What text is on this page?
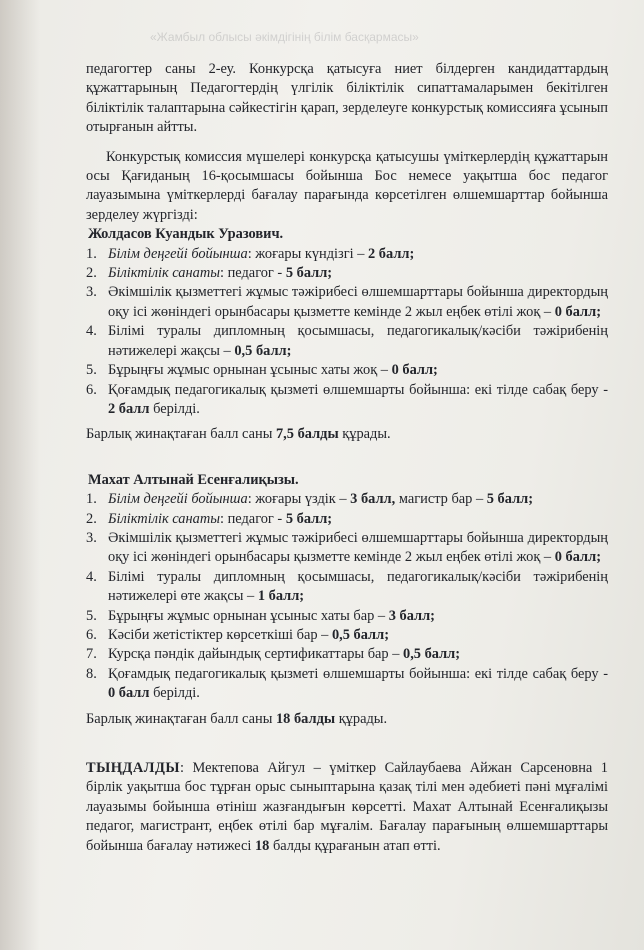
«Жамбыл облысы әкімдігінің білім басқармасы»

педагогтер саны 2-еу. Конкурсқа қатысуға ниет білдерген кандидаттардың құжаттарының Педагогтердің үлгілік біліктілік сипаттамаларымен бекітілген біліктілік талаптарына сәйкестігін қарап, зерделеуге конкурстық комиссияға ұсынып отырғанын айтты.

Конкурстық комиссия мүшелері конкурсқа қатысушы үміткерлердің құжаттарын осы Қағиданың 16-қосымшасы бойынша Бос немесе уақытша бос педагог лауазымына үміткерлерді бағалау парағында көрсетілген өлшемшарттар бойынша зерделеу жүргізді:

Жолдасов Куандык Уразович.
1. Білім деңгейі бойынша: жоғары күндізгі – 2 балл;
2. Біліктілік санаты: педагог - 5 балл;
3. Әкімшілік қызметтегі жұмыс тәжірибесі өлшемшарттары бойынша директордың оқу ісі жөніндегі орынбасары қызметте кемінде 2 жыл еңбек өтілі жоқ – 0 балл;
4. Білімі туралы дипломның қосымшасы, педагогикалық/кәсіби тәжірибенің нәтижелері жақсы – 0,5 балл;
5. Бұрыңғы жұмыс орнынан ұсыныс хаты жоқ – 0 балл;
6. Қоғамдық педагогикалық қызметі өлшемшарты бойынша: екі тілде сабақ беру - 2 балл берілді.

Барлық жинақтаған балл саны 7,5 балды құрады.

Махат Алтынай Есенғалиқызы.
1. Білім деңгейі бойынша: жоғары үздік – 3 балл, магистр бар – 5 балл;
2. Біліктілік санаты: педагог - 5 балл;
3. Әкімшілік қызметтегі жұмыс тәжірибесі өлшемшарттары бойынша директордың оқу ісі жөніндегі орынбасары қызметте кемінде 2 жыл еңбек өтілі жоқ – 0 балл;
4. Білімі туралы дипломның қосымшасы, педагогикалық/кәсіби тәжірибенің нәтижелері өте жақсы – 1 балл;
5. Бұрыңғы жұмыс орнынан ұсыныс хаты бар – 3 балл;
6. Кәсіби жетістіктер көрсеткіші бар – 0,5 балл;
7. Курсқа пәндік дайындық сертификаттары бар – 0,5 балл;
8. Қоғамдық педагогикалық қызметі өлшемшарты бойынша: екі тілде сабақ беру - 0 балл берілді.

Барлық жинақтаған балл саны 18 балды құрады.

ТЫҢДАЛДЫ: Мектепова Айгул – үміткер Сайлаубаева Айжан Сарсеновна 1 бірлік уақытша бос тұрған орыс сыныптарына қазақ тілі мен әдебиеті пәні мұғалімі лауазымы бойынша өтініш жазғандығын көрсетті. Махат Алтынай Есенғалиқызы педагог, магистрант, еңбек өтілі бар мұғалім. Бағалау парағының өлшемшарттары бойынша бағалау нәтижесі 18 балды құрағанын атап өтті.
